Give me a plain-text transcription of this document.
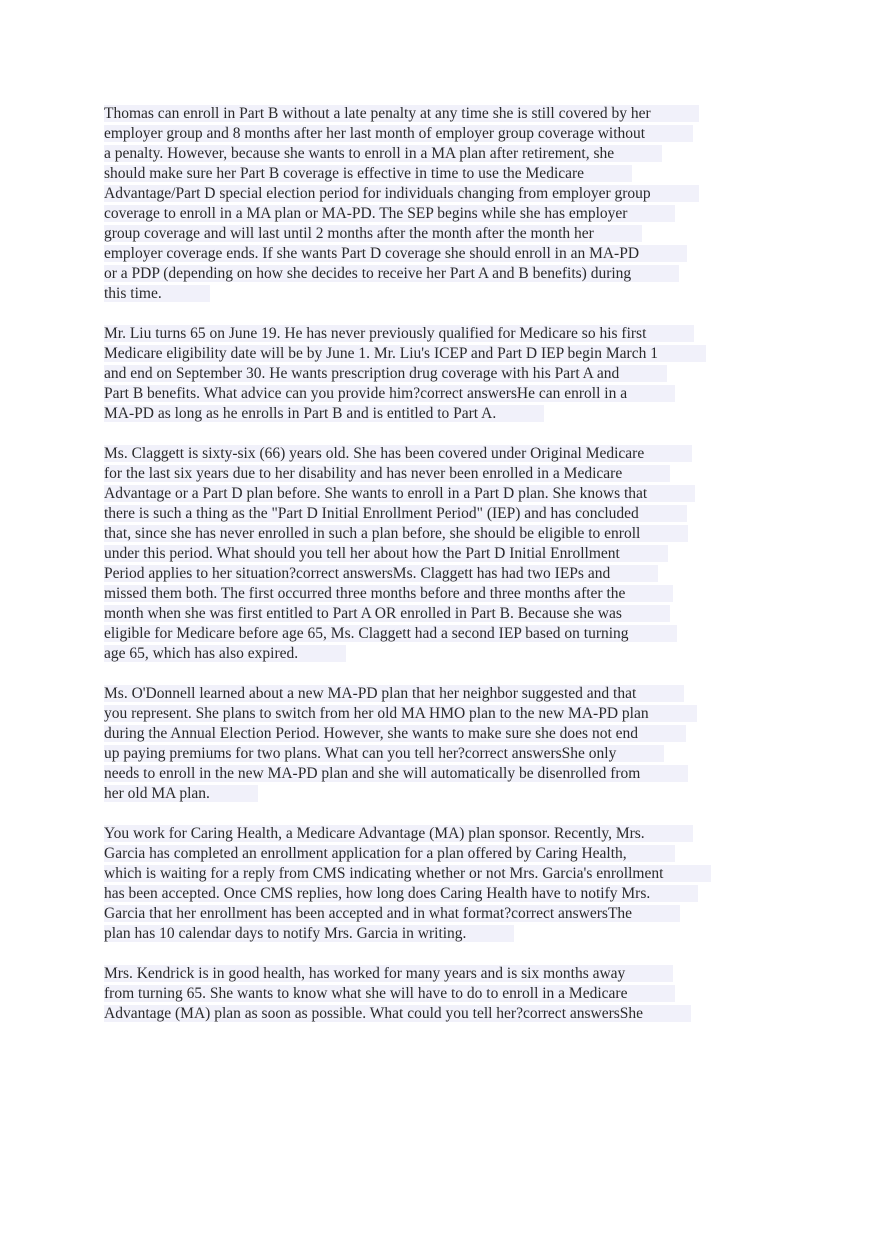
Thomas can enroll in Part B without a late penalty at any time she is still covered by her
employer group and 8 months after her last month of employer group coverage without
a penalty. However, because she wants to enroll in a MA plan after retirement, she
should make sure her Part B coverage is effective in time to use the Medicare
Advantage/Part D special election period for individuals changing from employer group
coverage to enroll in a MA plan or MA-PD. The SEP begins while she has employer
group coverage and will last until 2 months after the month after the month her
employer coverage ends. If she wants Part D coverage she should enroll in an MA-PD
or a PDP (depending on how she decides to receive her Part A and B benefits) during
this time.
Mr. Liu turns 65 on June 19. He has never previously qualified for Medicare so his first
Medicare eligibility date will be by June 1. Mr. Liu's ICEP and Part D IEP begin March 1
and end on September 30. He wants prescription drug coverage with his Part A and
Part B benefits. What advice can you provide him?correct answersHe can enroll in a
MA-PD as long as he enrolls in Part B and is entitled to Part A.
Ms. Claggett is sixty-six (66) years old. She has been covered under Original Medicare
for the last six years due to her disability and has never been enrolled in a Medicare
Advantage or a Part D plan before. She wants to enroll in a Part D plan. She knows that
there is such a thing as the "Part D Initial Enrollment Period" (IEP) and has concluded
that, since she has never enrolled in such a plan before, she should be eligible to enroll
under this period. What should you tell her about how the Part D Initial Enrollment
Period applies to her situation?correct answersMs. Claggett has had two IEPs and
missed them both. The first occurred three months before and three months after the
month when she was first entitled to Part A OR enrolled in Part B. Because she was
eligible for Medicare before age 65, Ms. Claggett had a second IEP based on turning
age 65, which has also expired.
Ms. O'Donnell learned about a new MA-PD plan that her neighbor suggested and that
you represent. She plans to switch from her old MA HMO plan to the new MA-PD plan
during the Annual Election Period. However, she wants to make sure she does not end
up paying premiums for two plans. What can you tell her?correct answersShe only
needs to enroll in the new MA-PD plan and she will automatically be disenrolled from
her old MA plan.
You work for Caring Health, a Medicare Advantage (MA) plan sponsor. Recently, Mrs.
Garcia has completed an enrollment application for a plan offered by Caring Health,
which is waiting for a reply from CMS indicating whether or not Mrs. Garcia's enrollment
has been accepted. Once CMS replies, how long does Caring Health have to notify Mrs.
Garcia that her enrollment has been accepted and in what format?correct answersThe
plan has 10 calendar days to notify Mrs. Garcia in writing.
Mrs. Kendrick is in good health, has worked for many years and is six months away
from turning 65. She wants to know what she will have to do to enroll in a Medicare
Advantage (MA) plan as soon as possible. What could you tell her?correct answersShe
